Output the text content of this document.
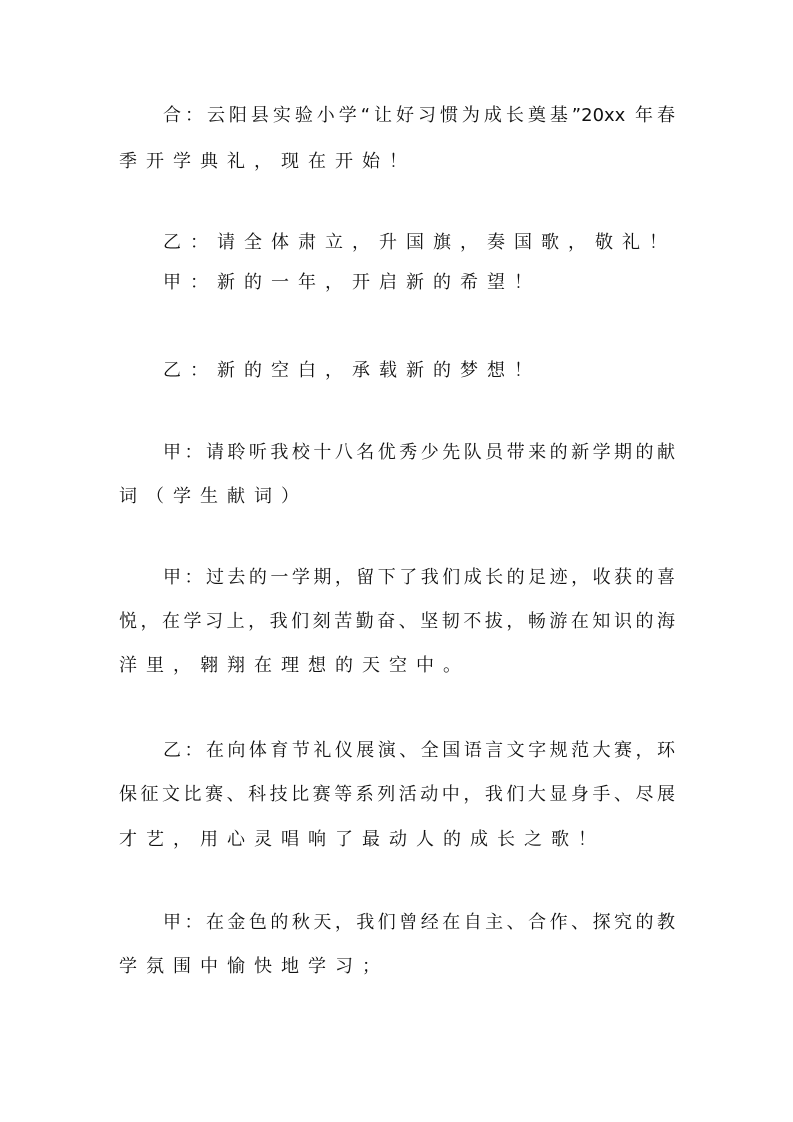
合：云阳县实验小学“让好习惯为成长奠基”20xx 年春
季开学典礼，现在开始！
乙：请全体肃立，升国旗，奏国歌，敬礼！
甲：新的一年，开启新的希望！
乙：新的空白，承载新的梦想！
甲：请聆听我校十八名优秀少先队员带来的新学期的献
词（学生献词）
甲：过去的一学期，留下了我们成长的足迹，收获的喜
悦，在学习上，我们刻苦勤奋、坚韧不拔，畅游在知识的海
洋里，翱翔在理想的天空中。
乙：在向体育节礼仪展演、全国语言文字规范大赛，环
保征文比赛、科技比赛等系列活动中，我们大显身手、尽展
才艺，用心灵唱响了最动人的成长之歌！
甲：在金色的秋天，我们曾经在自主、合作、探究的教
学氛围中愉快地学习；
